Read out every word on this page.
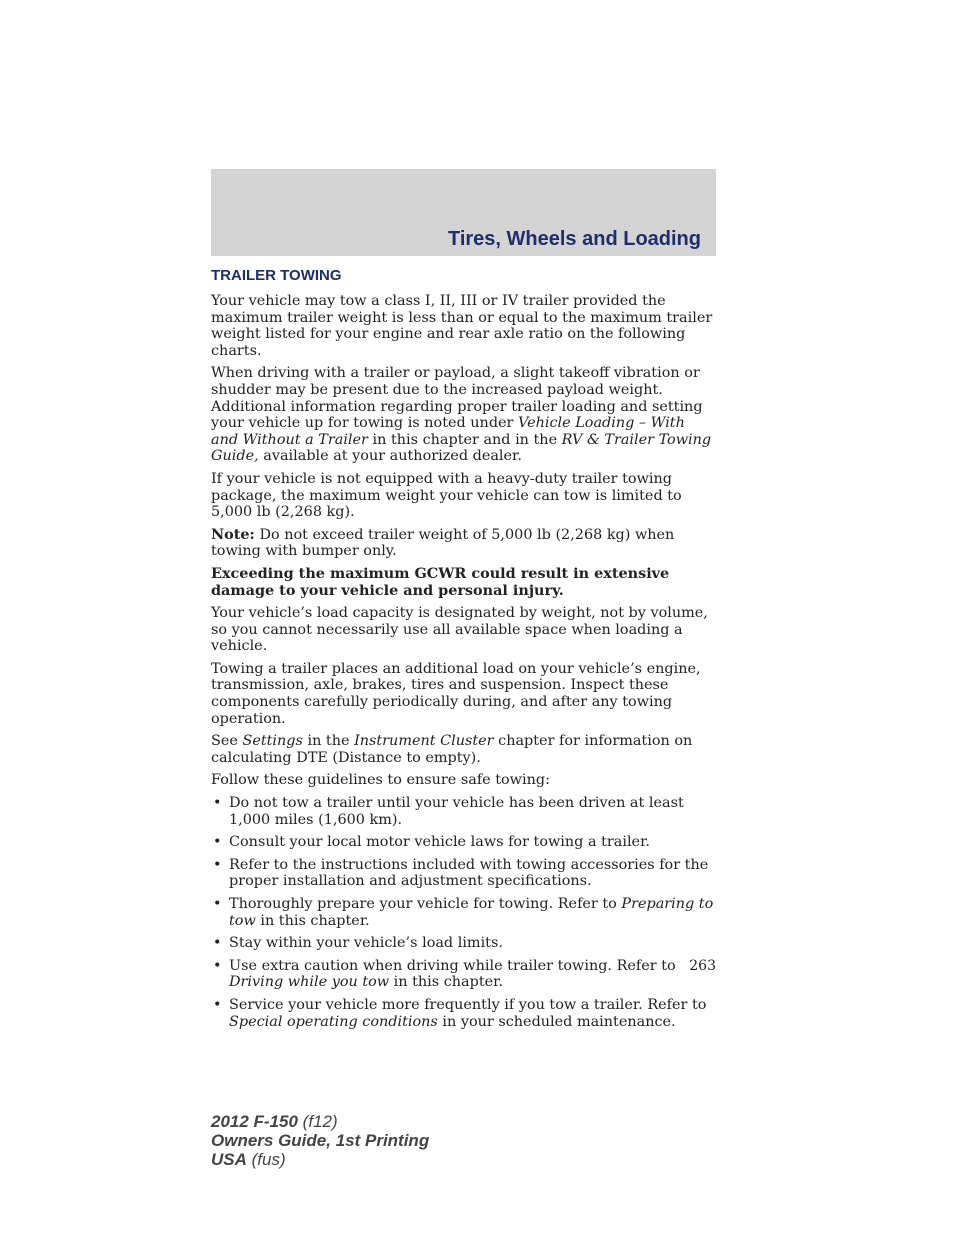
Tires, Wheels and Loading
TRAILER TOWING

Your vehicle may tow a class I, II, III or IV trailer provided the maximum trailer weight is less than or equal to the maximum trailer weight listed for your engine and rear axle ratio on the following charts.

When driving with a trailer or payload, a slight takeoff vibration or shudder may be present due to the increased payload weight. Additional information regarding proper trailer loading and setting your vehicle up for towing is noted under Vehicle Loading – With and Without a Trailer in this chapter and in the RV & Trailer Towing Guide, available at your authorized dealer.

If your vehicle is not equipped with a heavy-duty trailer towing package, the maximum weight your vehicle can tow is limited to 5,000 lb (2,268 kg).

Note: Do not exceed trailer weight of 5,000 lb (2,268 kg) when towing with bumper only.

Exceeding the maximum GCWR could result in extensive damage to your vehicle and personal injury.

Your vehicle’s load capacity is designated by weight, not by volume, so you cannot necessarily use all available space when loading a vehicle.

Towing a trailer places an additional load on your vehicle’s engine, transmission, axle, brakes, tires and suspension. Inspect these components carefully periodically during, and after any towing operation.

See Settings in the Instrument Cluster chapter for information on calculating DTE (Distance to empty).

Follow these guidelines to ensure safe towing:

• Do not tow a trailer until your vehicle has been driven at least 1,000 miles (1,600 km).
• Consult your local motor vehicle laws for towing a trailer.
• Refer to the instructions included with towing accessories for the proper installation and adjustment specifications.
• Thoroughly prepare your vehicle for towing. Refer to Preparing to tow in this chapter.
• Stay within your vehicle’s load limits.
• Use extra caution when driving while trailer towing. Refer to Driving while you tow in this chapter.
• Service your vehicle more frequently if you tow a trailer. Refer to Special operating conditions in your scheduled maintenance.
263
2012 F-150 (f12)
Owners Guide, 1st Printing
USA (fus)
